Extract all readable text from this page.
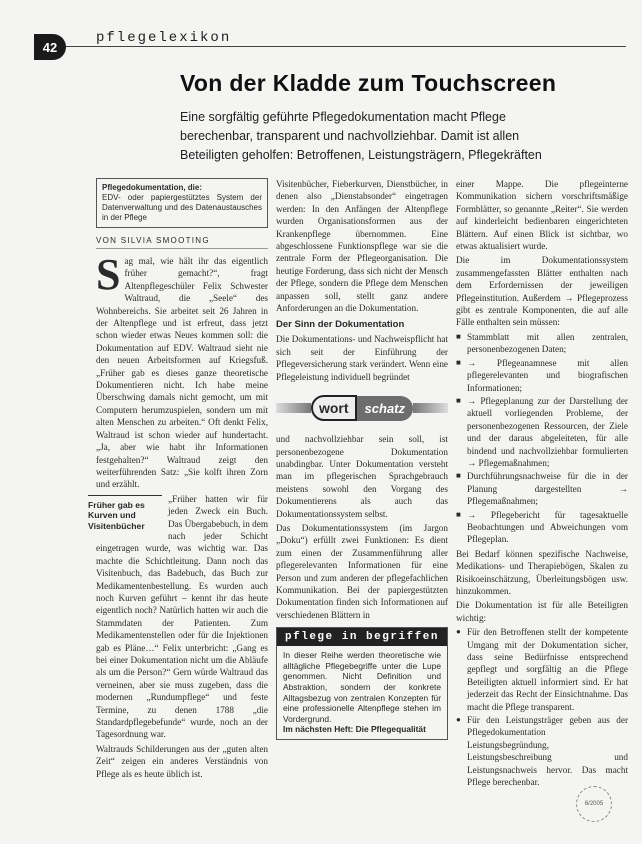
42
pflegelexikon
Von der Kladde zum Touchscreen

Eine sorgfältig geführte Pflegedokumentation macht Pflege

berechenbar, transparent und nachvollziehbar. Damit ist allen

Beteiligten geholfen: Betroffenen, Leistungsträgern, Pflegekräften

Pflegedokumentation, die:
EDV- oder papiergestütztes System der Datenverwaltung und des Datenaustausches in der Pflege
VON SILVIA SMOOTING

Sag mal, wie hält ihr das eigentlich früher gemacht?“, fragt Altenpflegeschüler Felix Schwester Waltraud, die „Seele“ des Wohnbereichs. Sie arbeitet seit 26 Jahren in der Altenpflege und ist erfreut, dass jetzt schon wieder etwas Neues kommen soll: die Dokumentation auf EDV. Waltraud sieht nie den neuen Arbeitsformen auf Kriegsfuß. „Früher gab es dieses ganze theoretische Dokumentieren nicht. Ich habe meine Überschwing damals nicht gemocht, um mit Computern herumzuspielen, sondern um mit alten Menschen zu arbeiten.“ Oft denkt Felix, Waltraud ist schon wieder auf hundertacht. „Ja, aber wie habt ihr Informationen festgehalten?“ Waltraud zeigt den weiterführenden Satz: „Sie kolft ihren Zorn und erzählt.

Früher gab es Kurven und Visitenbücher

„Früher hatten wir für jeden Zweck ein Buch. Das Übergabebuch, in dem nach jeder Schicht eingetragen wurde, was wichtig war. Das machte die Schichtleitung. Dann noch das Visitenbuch, das Badebuch, das Buch zur Medikamentenbestellung. Es wurden auch noch Kurven geführt – kennt ihr das heute eigentlich noch? Natürlich hatten wir auch die Stammdaten der Patienten. Zum Medikamentenstellen oder für die Injektionen gab es Pläne…“ Felix unterbricht: „Gang es bei einer Dokumentation nicht um die Abläufe als um die Person?“ Gern würde Waltraud das verneinen, aber sie muss zugeben, dass die modernen „Rundumpflege“ und feste Termine, zu denen 1788 „die Standardpflegebefunde“ wurde, noch an der Tagesordnung war.

Waltrauds Schilderungen aus der „guten alten Zeit“ zeigen ein anderes Verständnis von Pflege als es heute üblich ist.

Visitenbücher, Fieberkurven, Dienstbücher, in denen also „Dienstabsonder“ eingetragen werden: In den Anfängen der Altenpflege wurden Organisationsformen aus der Krankenpflege übernommen. Eine abgeschlossene Funktionspflege war sie die zentrale Form der Pflegeorganisation. Die heutige Forderung, dass sich nicht der Mensch der Pflege, sondern die Pflege dem Menschen anpassen soll, stellt ganz andere Anforderungen an die Dokumentation.

Der Sinn der Dokumentation

Die Dokumentations- und Nachweispflicht hat sich seit der Einführung der Pflegeversicherung stark verändert. Wenn eine Pflegeleistung individuell begründet

wort	schatz

und nachvollziehbar sein soll, ist personenbezogene Dokumentation unabdingbar. Unter Dokumentation versteht man im pflegerischen Sprachgebrauch meistens sowohl den Vorgang des Dokumentierens als auch das Dokumentationssystem selbst.

Das Dokumentationssystem (im Jargon „Doku“) erfüllt zwei Funktionen: Es dient zum einen der Zusammenführung aller pflegerelevanten Informationen für eine Person und zum anderen der pflegefachlichen Kommunikation. Bei der papiergestützten Dokumentation finden sich Informationen auf verschiedenen Blättern in

pflege in begriffen
In dieser Reihe werden theoretische wie alltägliche Pflegebegriffe unter die Lupe genommen. Nicht Definition und Abstraktion, sondern der konkrete Alltagsbezug von zentralen Konzepten für eine professionelle Altenpflege stehen im Vordergrund.
Im nächsten Heft: Die Pflegequalität

einer Mappe. Die pflegeinterne Kommunikation sichern vorschriftsmäßige Formblätter, so genannte „Reiter“. Sie werden auf kinderleicht bedienbaren eingerichteten Blättern. Auf einen Blick ist sichtbar, wo etwas aktualisiert wurde.

Die im Dokumentationssystem zusammengefassten Blätter enthalten nach dem Erfordernissen der jeweiligen Pflegeinstitution. Außerdem → Pflegeprozess gibt es zentrale Komponenten, die auf alle Fälle enthalten sein müssen:

■ Stammblatt mit allen zentralen, personenbezogenen Daten;
■ → Pflegeanamnese mit allen pflegerelevanten und biografischen Informationen;
■ → Pflegeplanung zur der Darstellung der aktuell vorliegenden Probleme, der personenbezogenen Ressourcen, der Ziele und der daraus abgeleiteten, für alle bindend und nachvollziehbar formulierten → Pflegemaßnahmen;
■ Durchführungsnachweise für die in der Planung dargestellten → Pflegemaßnahmen;
■ → Pflegebericht für tagesaktuelle Beobachtungen und Abweichungen vom Pflegeplan.

Bei Bedarf können spezifische Nachweise, Medikations- und Therapiebögen, Skalen zu Risikoeinschätzung, Überleitungsbögen usw. hinzukommen.

Die Dokumentation ist für alle Beteiligten wichtig:

● Für den Betroffenen stellt der kompetente Umgang mit der Dokumentation sicher, dass seine Bedürfnisse entsprechend gepflegt und sorgfältig an die Pflege Beteiligten aktuell informiert sind. Er hat jederzeit das Recht der Einsichtnahme. Das macht die Pflege transparent.
● Für den Leistungsträger geben aus der Pflegedokumentation Leistungsbegründung, Leistungsbeschreibung und Leistungsnachweis hervor. Das macht Pflege berechenbar.
6/2005
